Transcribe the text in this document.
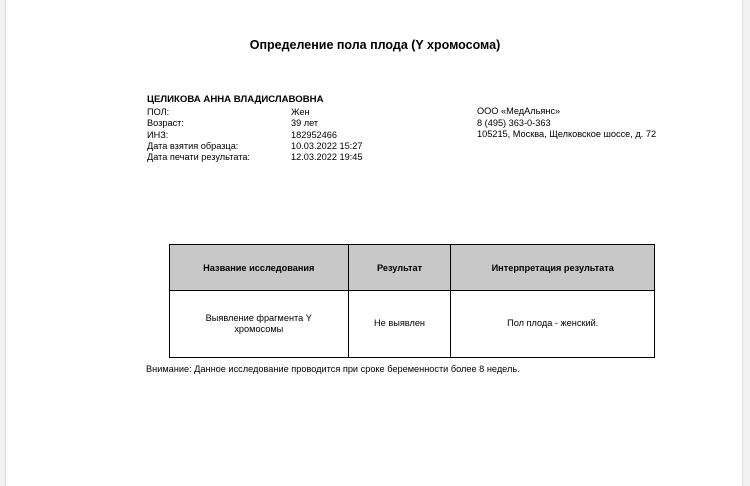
Определение пола плода (Y хромосома)
ЦЕЛИКОВА АННА ВЛАДИСЛАВОВНА
ПОЛ:	Жен
Возраст:	39 лет
ИНЗ:	182952466
Дата взятия образца:	10.03.2022 15:27
Дата печати результата:	12.03.2022 19:45
ООО «МедАльянс»
8 (495) 363-0-363
105215, Москва, Щелковское шоссе, д. 72
Название исследования	Результат	Интерпретация результата
Выявление фрагмента Y
хромосомы	Не выявлен	Пол плода - женский.
Внимание: Данное исследование проводится при сроке беременности более 8 недель.
